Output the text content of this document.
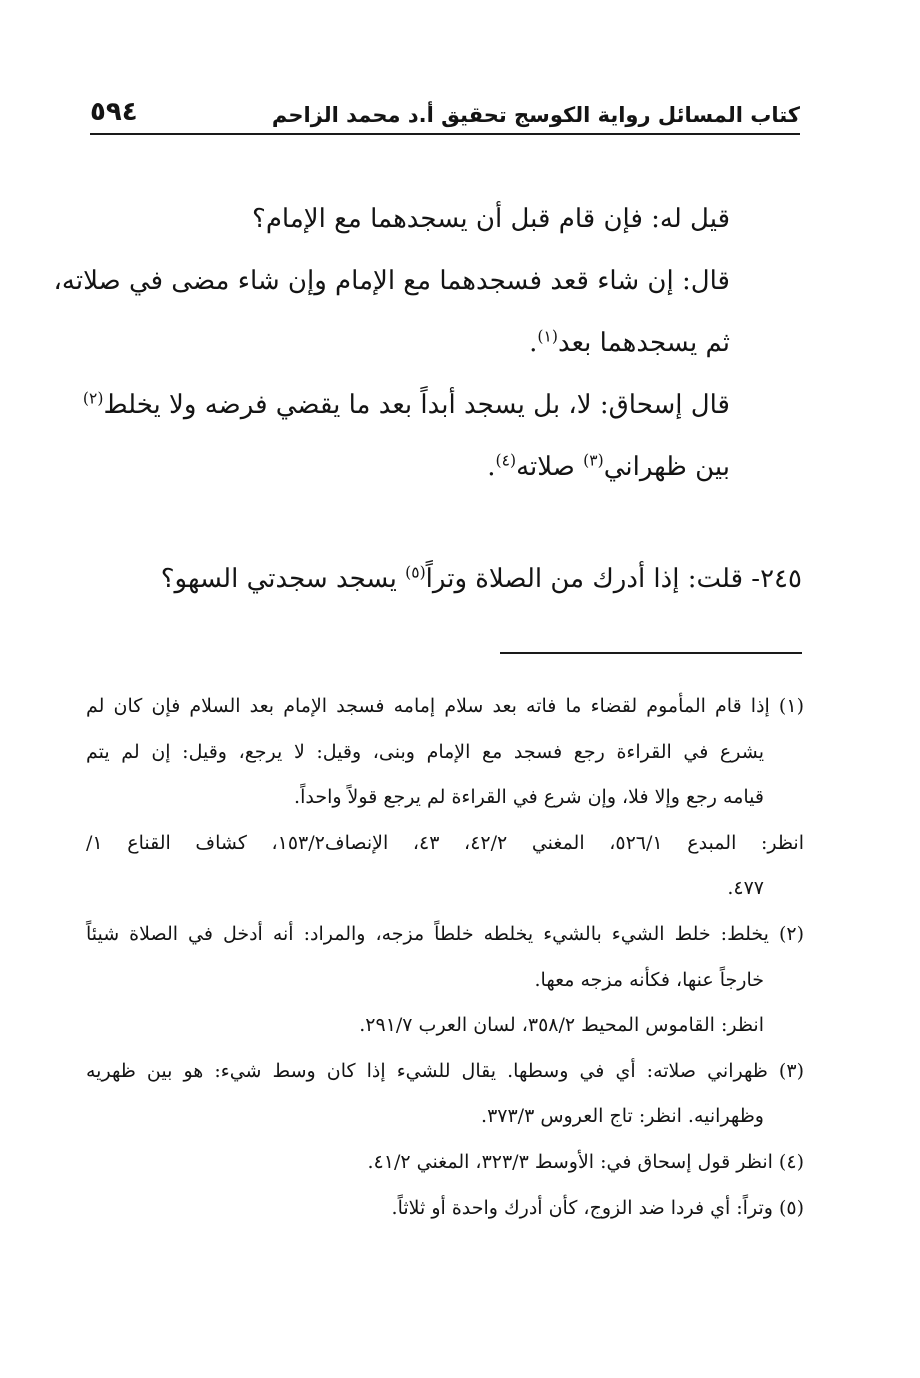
كتاب المسائل رواية الكوسج تحقيق أ.د محمد الزاحم
٥٩٤
قيل له: فإن قام قبل أن يسجدهما مع الإمام؟
قال: إن شاء قعد فسجدهما مع الإمام وإن شاء مضى في صلاته،
ثم يسجدهما بعد$^{(١)}$.
قال إسحاق: لا، بل يسجد أبداً بعد ما يقضي فرضه ولا يخلط$^{(٢)}$
بين ظهراني$^{(٣)}$ صلاته$^{(٤)}$.
٢٤٥- قلت: إذا أدرك من الصلاة وتراً$^{(٥)}$ يسجد سجدتي السهو؟
(١) إذا قام المأموم لقضاء ما فاته بعد سلام إمامه فسجد الإمام بعد السلام فإن كان لم
يشرع في القراءة رجع فسجد مع الإمام وبنى، وقيل: لا يرجع، وقيل: إن لم يتم
قيامه رجع وإلا فلا، وإن شرع في القراءة لم يرجع قولاً واحداً.
انظر: المبدع ٥٢٦/١، المغني ٤٢/٢، ٤٣، الإنصاف١٥٣/٢، كشاف القناع ١/
٤٧٧.
(٢) يخلط: خلط الشيء بالشيء يخلطه خلطاً مزجه، والمراد: أنه أدخل في الصلاة شيئاً
خارجاً عنها، فكأنه مزجه معها.
انظر: القاموس المحيط ٣٥٨/٢، لسان العرب ٢٩١/٧.
(٣) ظهراني صلاته: أي في وسطها. يقال للشيء إذا كان وسط شيء: هو بين ظهريه
وظهرانيه. انظر: تاج العروس ٣٧٣/٣.
(٤) انظر قول إسحاق في: الأوسط ٣٢٣/٣، المغني ٤١/٢.
(٥) وتراً: أي فردا ضد الزوج، كأن أدرك واحدة أو ثلاثاً.
